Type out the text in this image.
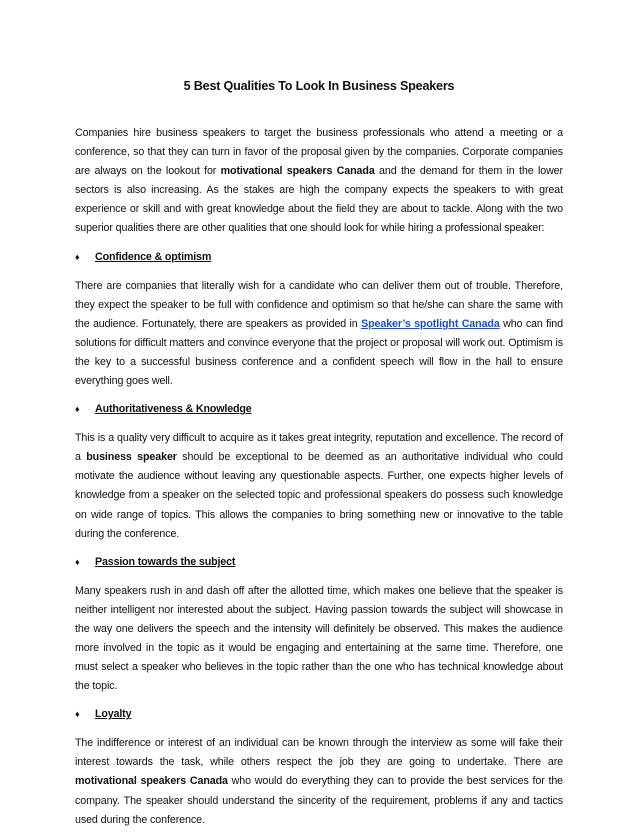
5 Best Qualities To Look In Business Speakers

Companies hire business speakers to target the business professionals who attend a meeting or a conference, so that they can turn in favor of the proposal given by the companies. Corporate companies are always on the lookout for motivational speakers Canada and the demand for them in the lower sectors is also increasing. As the stakes are high the company expects the speakers to with great experience or skill and with great knowledge about the field they are about to tackle. Along with the two superior qualities there are other qualities that one should look for while hiring a professional speaker:

♦	Confidence & optimism

There are companies that literally wish for a candidate who can deliver them out of trouble. Therefore, they expect the speaker to be full with confidence and optimism so that he/she can share the same with the audience. Fortunately, there are speakers as provided in Speaker’s spotlight Canada who can find solutions for difficult matters and convince everyone that the project or proposal will work out. Optimism is the key to a successful business conference and a confident speech will flow in the hall to ensure everything goes well.

♦	Authoritativeness & Knowledge

This is a quality very difficult to acquire as it takes great integrity, reputation and excellence. The record of a business speaker should be exceptional to be deemed as an authoritative individual who could motivate the audience without leaving any questionable aspects. Further, one expects higher levels of knowledge from a speaker on the selected topic and professional speakers do possess such knowledge on wide range of topics. This allows the companies to bring something new or innovative to the table during the conference.

♦	Passion towards the subject

Many speakers rush in and dash off after the allotted time, which makes one believe that the speaker is neither intelligent nor interested about the subject. Having passion towards the subject will showcase in the way one delivers the speech and the intensity will definitely be observed. This makes the audience more involved in the topic as it would be engaging and entertaining at the same time. Therefore, one must select a speaker who believes in the topic rather than the one who has technical knowledge about the topic.

♦	Loyalty

The indifference or interest of an individual can be known through the interview as some will fake their interest towards the task, while others respect the job they are going to undertake. There are motivational speakers Canada who would do everything they can to provide the best services for the company. The speaker should understand the sincerity of the requirement, problems if any and tactics used during the conference.
